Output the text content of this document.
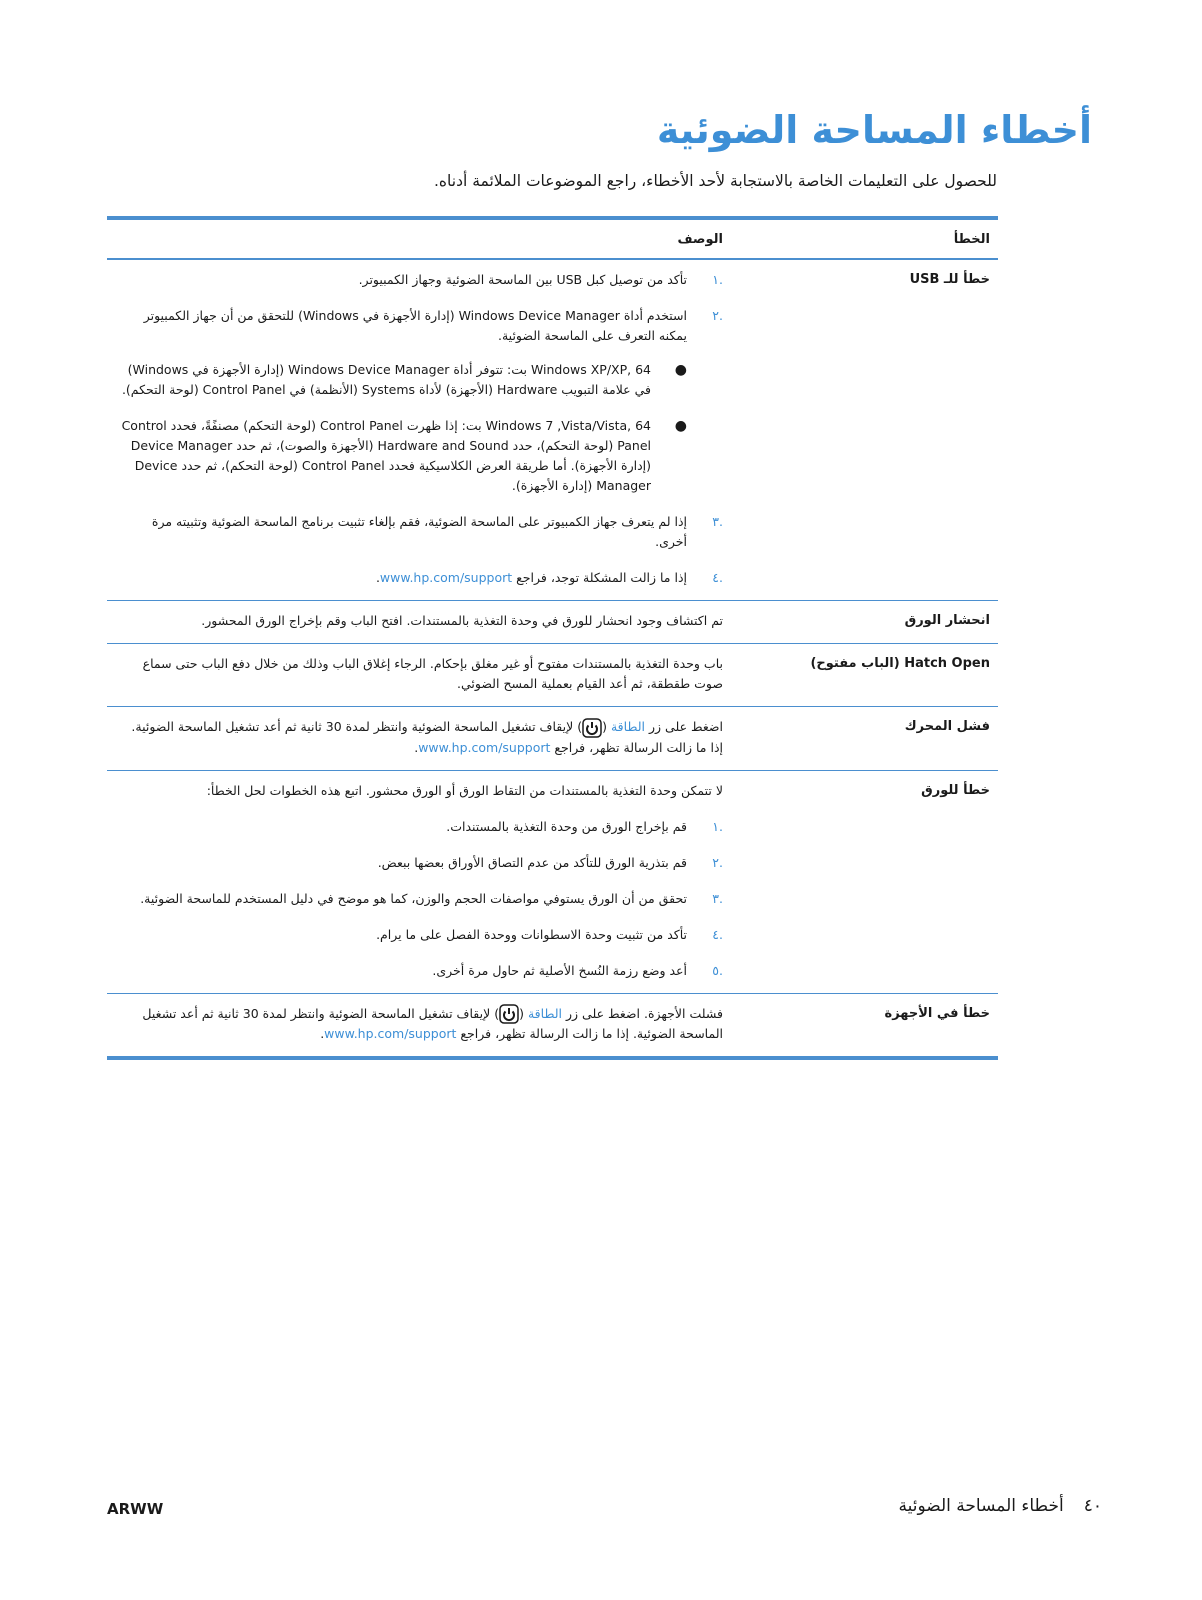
أخطاء المساحة الضوئية
للحصول على التعليمات الخاصة بالاستجابة لأحد الأخطاء، راجع الموضوعات الملائمة أدناه.
الخطأ
الوصف
خطأ للـ USB
.١
تأكد من توصيل كبل USB بين الماسحة الضوئية وجهاز الكمبيوتر.
.٢
استخدم أداة Windows Device Manager (إدارة الأجهزة في Windows) للتحقق من أن جهاز الكمبيوتر يمكنه التعرف على الماسحة الضوئية.
●
Windows XP/XP, 64 بت: تتوفر أداة Windows Device Manager (إدارة الأجهزة في Windows) في علامة التبويب Hardware (الأجهزة) لأداة Systems (الأنظمة) في Control Panel (لوحة التحكم).
●
Windows 7 ,Vista/Vista, 64 بت: إذا ظهرت Control Panel (لوحة التحكم) مصنفًةً، فحدد Control Panel (لوحة التحكم)، حدد Hardware and Sound (الأجهزة والصوت)، ثم حدد Device Manager (إدارة الأجهزة). أما طريقة العرض الكلاسيكية فحدد Control Panel (لوحة التحكم)، ثم حدد Device Manager (إدارة الأجهزة).
.٣
إذا لم يتعرف جهاز الكمبيوتر على الماسحة الضوئية، فقم بإلغاء تثبيت برنامج الماسحة الضوئية وتثبيته مرة أخرى.
.٤
إذا ما زالت المشكلة توجد، فراجع www.hp.com/support.
انحشار الورق

تم اكتشاف وجود انحشار للورق في وحدة التغذية بالمستندات. افتح الباب وقم بإخراج الورق المحشور.

Hatch Open (الباب مفتوح)

باب وحدة التغذية بالمستندات مفتوح أو غير مغلق بإحكام. الرجاء إغلاق الباب وذلك من خلال دفع الباب حتى سماع صوت طقطقة، ثم أعد القيام بعملية المسح الضوئي.

فشل المحرك

اضغط على زر الطاقة () لإيقاف تشغيل الماسحة الضوئية وانتظر لمدة 30 ثانية ثم أعد تشغيل الماسحة الضوئية. إذا ما زالت الرسالة تظهر، فراجع www.hp.com/support.

خطأ للورق

لا تتمكن وحدة التغذية بالمستندات من التقاط الورق أو الورق محشور. اتبع هذه الخطوات لحل الخطأ:

.١
قم بإخراج الورق من وحدة التغذية بالمستندات.
.٢
قم بتذرية الورق للتأكد من عدم التصاق الأوراق بعضها ببعض.
.٣
تحقق من أن الورق يستوفي مواصفات الحجم والوزن، كما هو موضح في دليل المستخدم للماسحة الضوئية.
.٤
تأكد من تثبيت وحدة الاسطوانات ووحدة الفصل على ما يرام.
.٥
أعد وضع رزمة النُسخ الأصلية ثم حاول مرة أخرى.
خطأ في الأجهزة

فشلت الأجهزة. اضغط على زر الطاقة () لإيقاف تشغيل الماسحة الضوئية وانتظر لمدة 30 ثانية ثم أعد تشغيل الماسحة الضوئية. إذا ما زالت الرسالة تظهر، فراجع www.hp.com/support.

ARWW	٤٠أخطاء المساحة الضوئية
